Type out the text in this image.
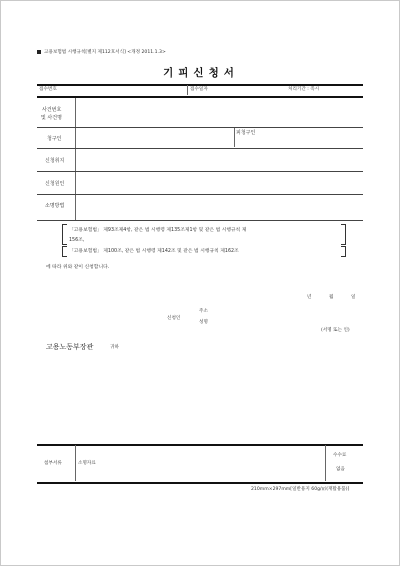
고용보험법 시행규칙[별지 제112호서식] <개정 2011.1.3>
기피신청서
접수번호	접수일자	처리기간 : 즉시
사건번호
및 사건명
청구인
피청구인
신청취지
신청원인
소명방법
「고용보험법」 제93조제4항, 같은 법 시행령 제135조제1항 및 같은 법 시행규칙 제
156조,
「고용보험법」 제100조, 같은 법 시행령 제142조 및 같은 법 시행규칙 제162조
에 따라 위와 같이 신청합니다.
년	월	일
주소
신청인
성명
(서명 또는 인)
고용노동부장관	귀하
첨부서류	소명자료
수수료
없음
210mm×297mm[일반용지 60g/㎡(재활용품)]
